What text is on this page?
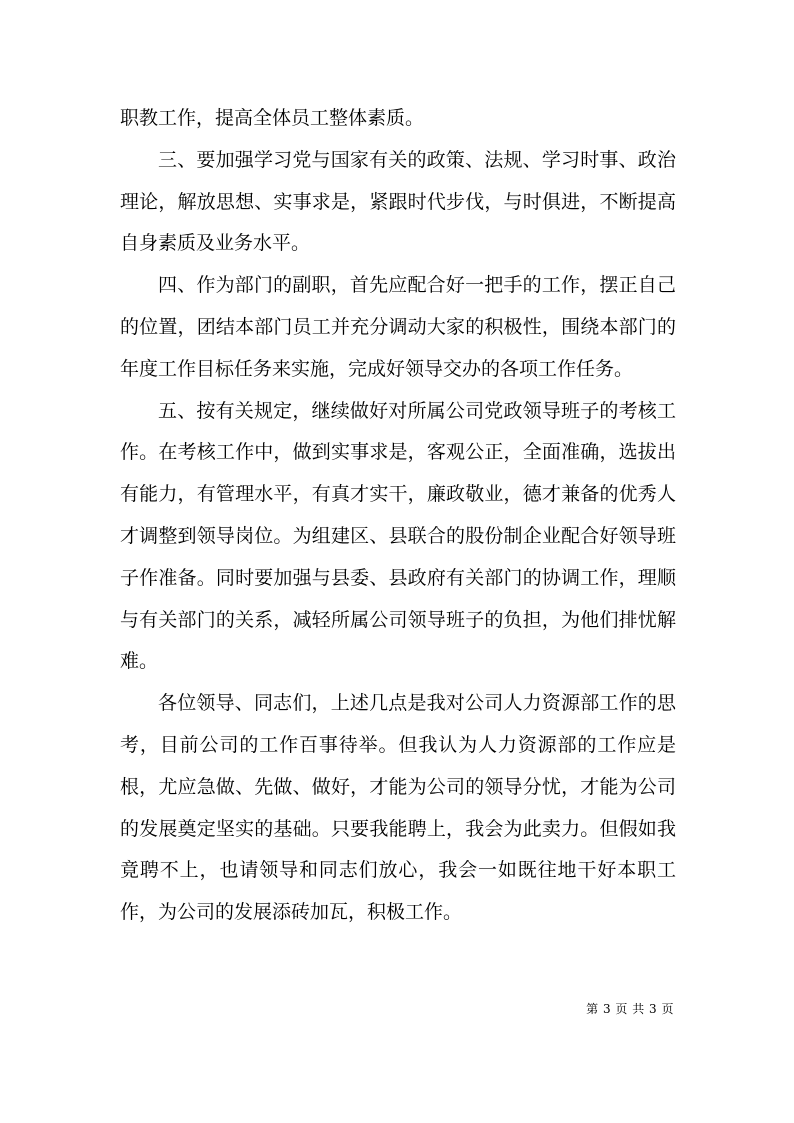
职教工作，提高全体员工整体素质。

三、要加强学习党与国家有关的政策、法规、学习时事、政治理论，解放思想、实事求是，紧跟时代步伐，与时俱进，不断提高自身素质及业务水平。

四、作为部门的副职，首先应配合好一把手的工作，摆正自己的位置，团结本部门员工并充分调动大家的积极性，围绕本部门的年度工作目标任务来实施，完成好领导交办的各项工作任务。

五、按有关规定，继续做好对所属公司党政领导班子的考核工作。在考核工作中，做到实事求是，客观公正，全面准确，选拔出有能力，有管理水平，有真才实干，廉政敬业，德才兼备的优秀人才调整到领导岗位。为组建区、县联合的股份制企业配合好领导班子作准备。同时要加强与县委、县政府有关部门的协调工作，理顺与有关部门的关系，减轻所属公司领导班子的负担，为他们排忧解难。

各位领导、同志们，上述几点是我对公司人力资源部工作的思考，目前公司的工作百事待举。但我认为人力资源部的工作应是根，尤应急做、先做、做好，才能为公司的领导分忧，才能为公司的发展奠定坚实的基础。只要我能聘上，我会为此卖力。但假如我竟聘不上，也请领导和同志们放心，我会一如既往地干好本职工作，为公司的发展添砖加瓦，积极工作。

第 3 页 共 3 页
